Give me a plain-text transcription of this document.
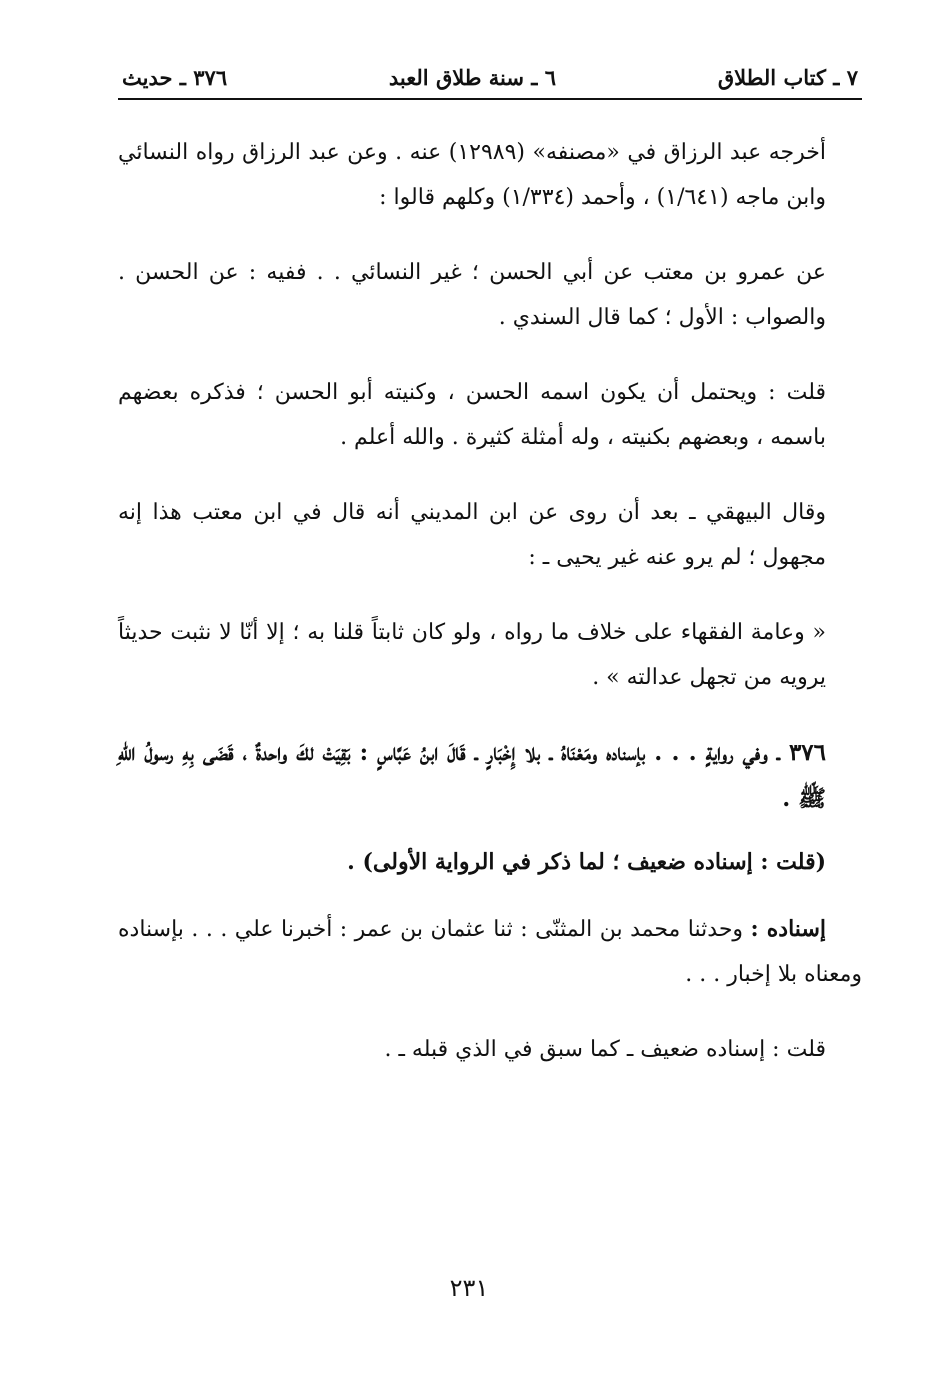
٧ ـ كتاب الطلاق
٦ ـ سنة طلاق العبد
٣٧٦ ـ حديث

أخرجه عبد الرزاق في «مصنفه» (١٢٩٨٩) عنه . وعن عبد الرزاق رواه النسائي وابن ماجه (١/٦٤١) ، وأحمد (١/٣٣٤) وكلهم قالوا :

عن عمرو بن معتب عن أبي الحسن ؛ غير النسائي . . ففيه : عن الحسن . والصواب : الأول ؛ كما قال السندي .

قلت : ويحتمل أن يكون اسمه الحسن ، وكنيته أبو الحسن ؛ فذكره بعضهم باسمه ، وبعضهم بكنيته ، وله أمثلة كثيرة . والله أعلم .

وقال البيهقي ـ بعد أن روى عن ابن المديني أنه قال في ابن معتب هذا إنه مجهول ؛ لم يرو عنه غير يحيى ـ :

« وعامة الفقهاء على خلاف ما رواه ، ولو كان ثابتاً قلنا به ؛ إلا أنّا لا نثبت حديثاً يرويه من تجهل عدالته » .

٣٧٦ ـ وفي روايةٍ . . . بإسناده ومَعْنَاهُ ـ بلا إِخْبَارٍ ـ قَالَ ابنُ عَبَّاسٍ : بَقِيَتْ لكَ واحدةٌ ، قَضَى بِهِ رسولُ اللهِ ﷺ .

(قلت : إسناده ضعيف ؛ لما ذكر في الرواية الأولى) .

إسناده : وحدثنا محمد بن المثنّى : ثنا عثمان بن عمر : أخبرنا علي . . . بإسناده ومعناه بلا إخبار . . .

قلت : إسناده ضعيف ـ كما سبق في الذي قبله ـ .

٢٣١
